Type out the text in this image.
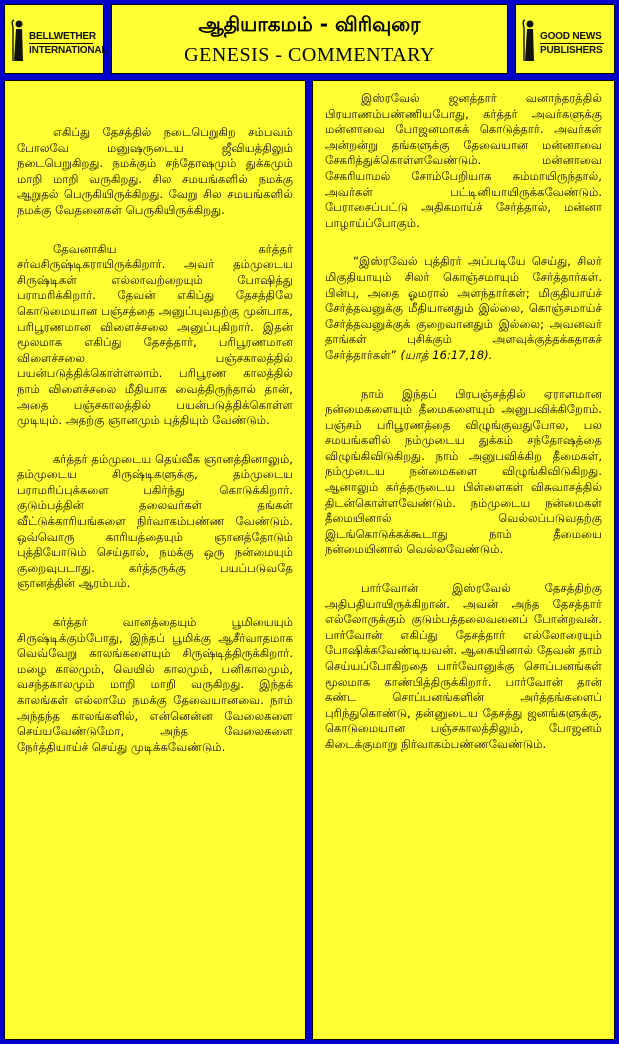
BELLWETHER
INTERNATIONAL
ஆதியாகமம் - விரிவுரை
GENESIS - COMMENTARY
GOOD NEWS
PUBLISHERS

எகிப்து தேசத்தில் நடைபெறுகிற சம்பவம் போலவே மனுஷருடைய ஜீவியத்திலும் நடைபெறுகிறது. நமக்கும் சந்தோஷமும் துக்கமும் மாறி மாறி வருகிறது. சில சமயங்களில் நமக்கு ஆறுதல் பெருகியிருக்கிறது. வேறு சில சமயங்களில் நமக்கு வேதனைகள் பெருகியிருக்கிறது.

தேவனாகிய கர்த்தர் சர்வசிருஷ்டிகராயிருக்கிறார். அவர் தம்முடைய சிருஷ்டிகள் எல்லாவற்றையும் போஷித்து பராமரிக்கிறார். தேவன் எகிப்து தேசத்திலே கொடுமையான பஞ்சத்தை அனுப்புவதற்கு முன்பாக, பரிபூரணமான விளைச்சலை அனுப்புகிறார். இதன் மூலமாக எகிப்து தேசத்தார், பரிபூரணமான விளைச்சலை பஞ்சகாலத்தில் பயன்படுத்திக்கொள்ளலாம். பரிபூரண காலத்தில் நாம் விளைச்சலை மீதியாக வைத்திருந்தால் தான், அதை பஞ்சகாலத்தில் பயன்படுத்திக்கொள்ள முடியும். அதற்கு ஞானமும் புத்தியும் வேண்டும்.

கர்த்தர் தம்முடைய தெய்வீக ஞானத்தினாலும், தம்முடைய சிருஷ்டிகளுக்கு, தம்முடைய பராமரிப்புக்களை பகிர்ந்து கொடுக்கிறார். குடும்பத்தின் தலைவர்கள் தங்கள் வீட்டுக்காரியங்களை நிர்வாகம்பண்ண வேண்டும். ஒவ்வொரு காரியத்தையும் ஞானத்தோடும் புத்தியோடும் செய்தால், நமக்கு ஒரு நன்மையும் குறைவுபடாது. கர்த்தருக்கு பயப்படுவதே ஞானத்தின் ஆரம்பம்.

கர்த்தர் வானத்தையும் பூமியையும் சிருஷ்டிக்கும்போது, இந்தப் பூமிக்கு ஆசீர்வாதமாக வெவ்வேறு காலங்களையும் சிருஷ்டித்திருக்கிறார். மழை காலமும், வெயில் காலமும், பனிகாலமும், வசந்தகாலமும் மாறி மாறி வருகிறது. இந்தக் காலங்கள் எல்லாமே நமக்கு தேவையானவை. நாம் அந்தந்த காலங்களில், என்னென்ன வேலைகளை செய்யவேண்டுமோ, அந்த வேலைகளை நேர்த்தியாய்ச் செய்து முடிக்கவேண்டும்.

இஸ்ரவேல் ஜனத்தார் வனாந்தரத்தில் பிரயாணம்பண்ணியபோது, கர்த்தர் அவர்களுக்கு மன்னாவை போஜனமாகக் கொடுத்தார். அவர்கள் அன்றன்று தங்களுக்கு தேவையான மன்னாவை சேகரித்துக்கொள்ளவேண்டும். மன்னாவை சேகரியாமல் சோம்பேறியாக சும்மாயிருந்தால், அவர்கள் பட்டினியாயிருக்கவேண்டும். பேராசைப்பட்டு அதிகமாய்ச் சேர்த்தால், மன்னா பாழாய்ப்போகும்.

“இஸ்ரவேல் புத்திரர் அப்படியே செய்து, சிலர் மிகுதியாயும் சிலர் கொஞ்சமாயும் சேர்த்தார்கள். பின்பு, அதை ஓமரால் அளந்தார்கள்; மிகுதியாய்ச் சேர்த்தவனுக்கு மீதியானதும் இல்லை, கொஞ்சமாய்ச் சேர்த்தவனுக்குக் குறைவானதும் இல்லை; அவனவர் தாங்கள் புசிக்கும் அளவுக்குத்தக்கதாகச் சேர்த்தார்கள்” (யாத் 16:17,18).

நாம் இந்தப் பிரபஞ்சத்தில் ஏராளமான நன்மைகளையும் தீமைகளையும் அனுபவிக்கிறோம். பஞ்சம் பரிபூரணத்தை விழுங்குவதுபோல, பல சமயங்களில் நம்முடைய துக்கம் சந்தோஷத்தை விழுங்கிவிடுகிறது. நாம் அனுபவிக்கிற தீமைகள், நம்முடைய நன்மைகளை விழுங்கிவிடுகிறது. ஆனாலும் கர்த்தருடைய பிள்ளைகள் விசுவாசத்தில் திடன்கொள்ளவேண்டும். நம்முடைய நன்மைகள் தீமையினால் வெல்லப்படுவதற்கு இடங்கொடுக்கக்கூடாது நாம் தீமையை நன்மையினால் வெல்லவேண்டும்.

பார்வோன் இஸ்ரவேல் தேசத்திற்கு அதிபதியாயிருக்கிறான். அவன் அந்த தேசத்தார் எல்லோருக்கும் குடும்பத்தலைவனைப் போன்றவன். பார்வோன் எகிப்து தேசத்தார் எல்லோரையும் போஷிக்கவேண்டியவன். ஆகையினால் தேவன் தாம் செய்யப்போகிறதை பார்வோனுக்கு சொப்பனங்கள் மூலமாக காண்பித்திருக்கிறார். பார்வோன் தான் கண்ட சொப்பனங்களின் அர்த்தங்களைப் புரிந்துகொண்டு, தன்னுடைய தேசத்து ஜனங்களுக்கு, கொடுமையான பஞ்சகாலத்திலும், போஜனம் கிடைக்குமாறு நிர்வாகம்பண்ணவேண்டும்.
